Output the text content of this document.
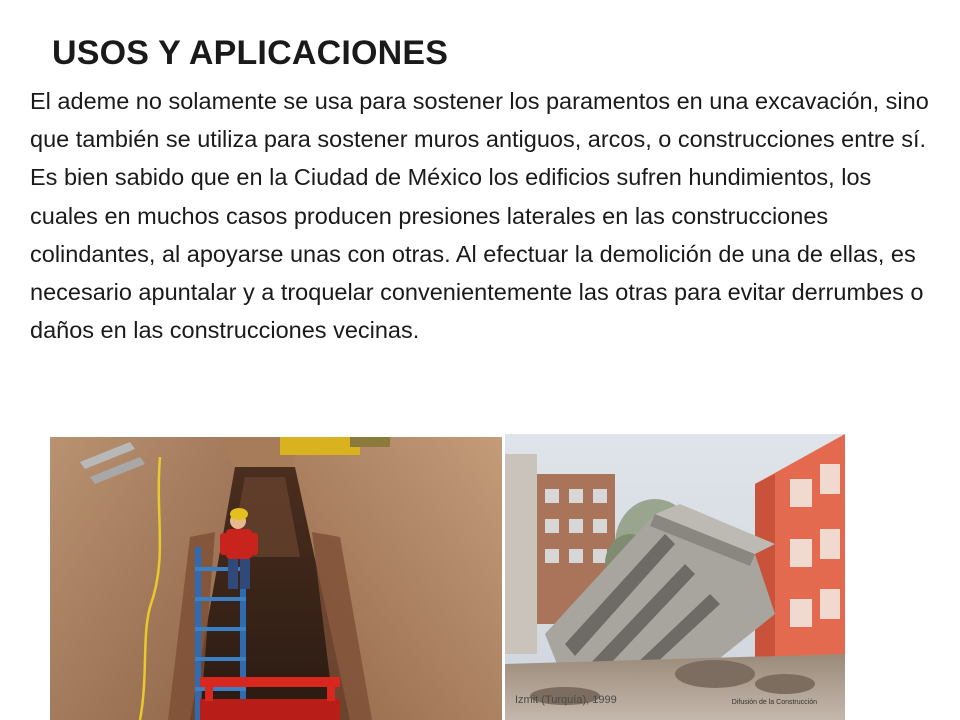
USOS Y APLICACIONES

El ademe no solamente se usa para sostener los paramentos en una excavación, sino que también se utiliza para sostener muros antiguos, arcos, o construcciones entre sí.

Es bien sabido que en la Ciudad de México los edificios sufren hundimientos, los cuales en muchos casos producen presiones laterales en las construcciones colindantes, al apoyarse unas con otras. Al efectuar la demolición de una de ellas, es necesario apuntalar y a troquelar convenientemente las otras para evitar derrumbes o daños en las construcciones vecinas.

Izmit (Turquía), 1999	Difusión de la Construcción
